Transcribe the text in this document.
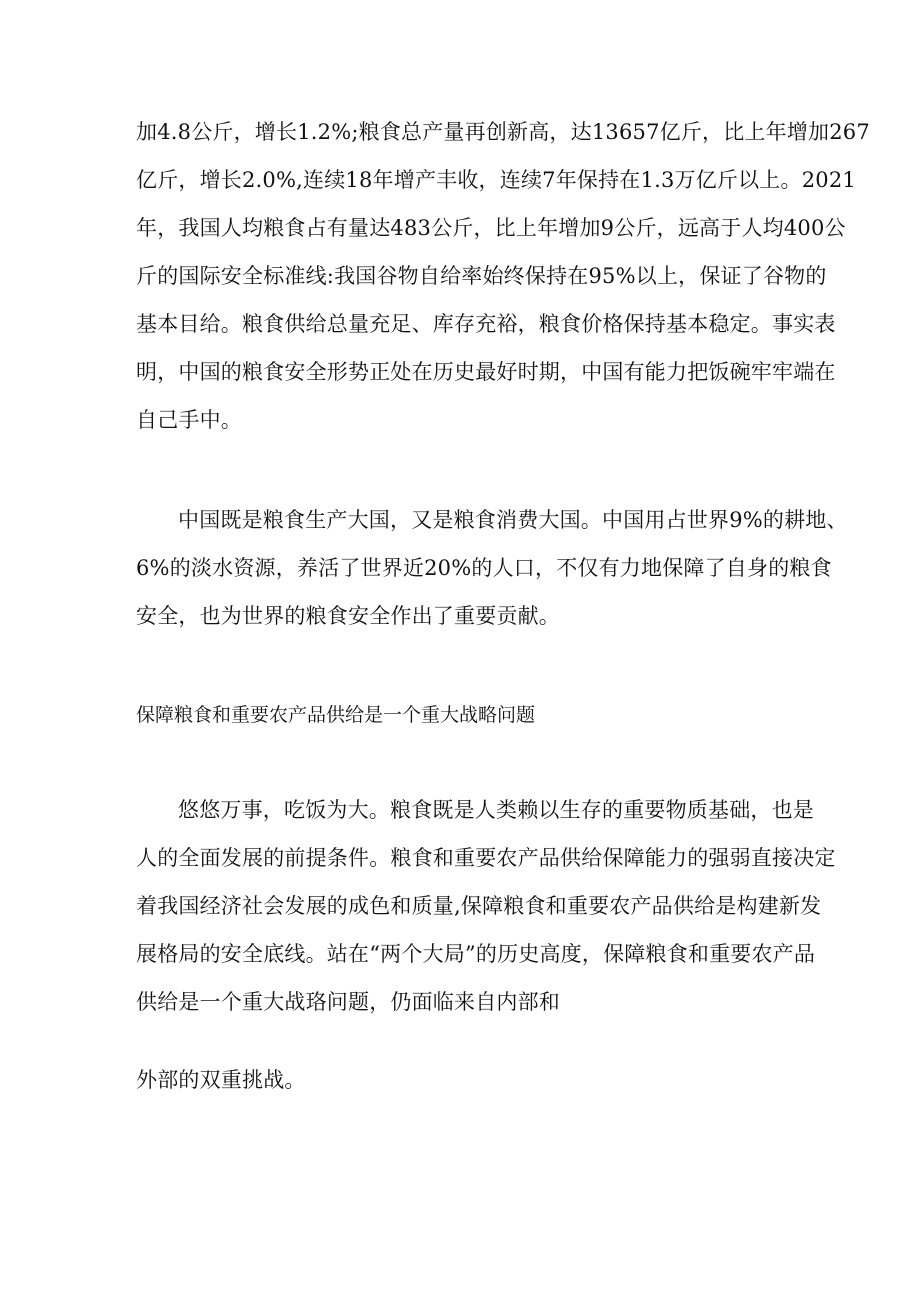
加4.8公斤，增长1.2%;粮食总产量再创新高，达13657亿斤，比上年增加267
亿斤，增长2.0%,连续18年增产丰收，连续7年保持在1.3万亿斤以上。2021
年，我国人均粮食占有量达483公斤，比上年增加9公斤，远高于人均400公
斤的国际安全标准线:我国谷物自给率始终保持在95%以上，保证了谷物的
基本目给。粮食供给总量充足、库存充裕，粮食价格保持基本稳定。事实表
明，中国的粮食安全形势正处在历史最好时期，中国有能力把饭碗牢牢端在
自己手中。
中国既是粮食生产大国，又是粮食消费大国。中国用占世界9%的耕地、
6%的淡水资源，养活了世界近20%的人口，不仅有力地保障了自身的粮食
安全，也为世界的粮食安全作出了重要贡献。
保障粮食和重要农产品供给是一个重大战略问题
悠悠万事，吃饭为大。粮食既是人类赖以生存的重要物质基础，也是
人的全面发展的前提条件。粮食和重要农产品供给保障能力的强弱直接决定
着我国经济社会发展的成色和质量,保障粮食和重要农产品供给是构建新发
展格局的安全底线。站在“两个大局”的历史高度，保障粮食和重要农产品
供给是一个重大战珞问题，仍面临来自内部和
外部的双重挑战。
